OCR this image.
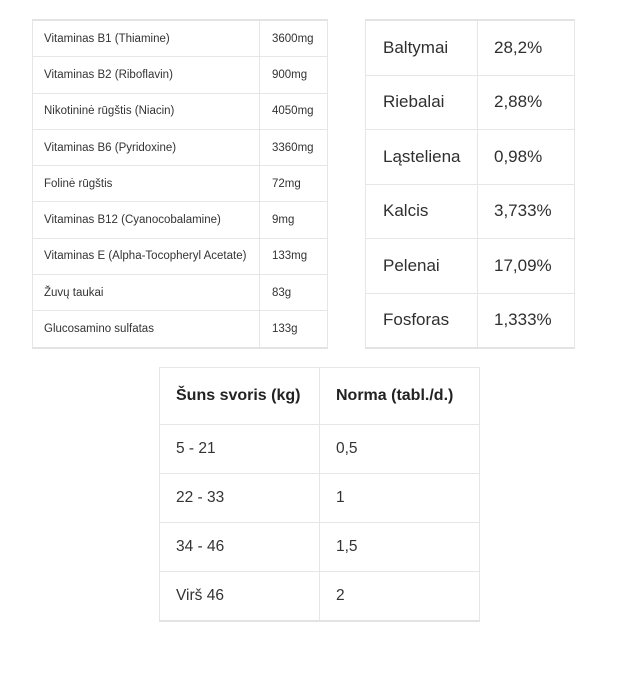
Vitaminas B1 (Thiamine)	3600mg
Vitaminas B2 (Riboflavin)	900mg
Nikotininė rūgštis (Niacin)	4050mg
Vitaminas B6 (Pyridoxine)	3360mg
Folinė rūgštis	72mg
Vitaminas B12 (Cyanocobalamine)	9mg
Vitaminas E (Alpha-Tocopheryl Acetate)	133mg
Žuvų taukai	83g
Glucosamino sulfatas	133g
Baltymai	28,2%
Riebalai	2,88%
Ląsteliena	0,98%
Kalcis	3,733%
Pelenai	17,09%
Fosforas	1,333%
Šuns svoris (kg)	Norma (tabl./d.)
5 - 21	0,5
22 - 33	1
34 - 46	1,5
Virš 46	2
